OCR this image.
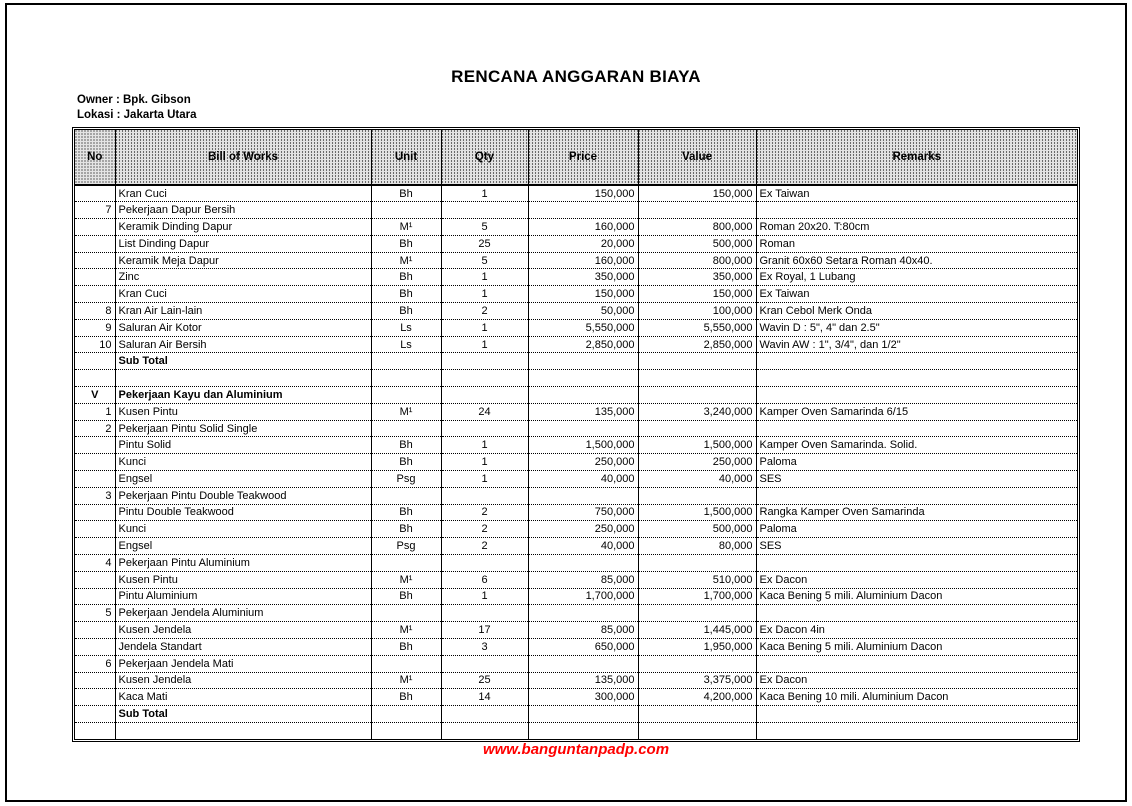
RENCANA ANGGARAN BIAYA
Owner : Bpk. Gibson
Lokasi : Jakarta Utara
No	Bill of Works	Unit	Qty	Price	Value	Remarks
	Kran Cuci	Bh	1	150,000	150,000	Ex Taiwan
7	Pekerjaan Dapur Bersih					
	Keramik Dinding Dapur	M¹	5	160,000	800,000	Roman 20x20. T:80cm
	List Dinding Dapur	Bh	25	20,000	500,000	Roman
	Keramik Meja Dapur	M¹	5	160,000	800,000	Granit 60x60 Setara Roman 40x40.
	Zinc	Bh	1	350,000	350,000	Ex Royal, 1 Lubang
	Kran Cuci	Bh	1	150,000	150,000	Ex Taiwan
8	Kran Air Lain-lain	Bh	2	50,000	100,000	Kran Cebol Merk Onda
9	Saluran Air Kotor	Ls	1	5,550,000	5,550,000	Wavin D : 5", 4" dan 2.5"
10	Saluran Air Bersih	Ls	1	2,850,000	2,850,000	Wavin AW : 1", 3/4", dan 1/2"
	Sub Total					

V	Pekerjaan Kayu dan Aluminium					
1	Kusen Pintu	M¹	24	135,000	3,240,000	Kamper Oven Samarinda 6/15
2	Pekerjaan Pintu Solid Single					
	Pintu Solid	Bh	1	1,500,000	1,500,000	Kamper Oven Samarinda. Solid.
	Kunci	Bh	1	250,000	250,000	Paloma
	Engsel	Psg	1	40,000	40,000	SES
3	Pekerjaan Pintu Double Teakwood					
	Pintu Double Teakwood	Bh	2	750,000	1,500,000	Rangka Kamper Oven Samarinda
	Kunci	Bh	2	250,000	500,000	Paloma
	Engsel	Psg	2	40,000	80,000	SES
4	Pekerjaan Pintu Aluminium					
	Kusen Pintu	M¹	6	85,000	510,000	Ex Dacon
	Pintu Aluminium	Bh	1	1,700,000	1,700,000	Kaca Bening 5 mili. Aluminium Dacon
5	Pekerjaan Jendela Aluminium					
	Kusen Jendela	M¹	17	85,000	1,445,000	Ex Dacon 4in
	Jendela Standart	Bh	3	650,000	1,950,000	Kaca Bening 5 mili. Aluminium Dacon
6	Pekerjaan Jendela Mati					
	Kusen Jendela	M¹	25	135,000	3,375,000	Ex Dacon
	Kaca Mati	Bh	14	300,000	4,200,000	Kaca Bening 10 mili. Aluminium Dacon
	Sub Total					

www.banguntanpadp.com
